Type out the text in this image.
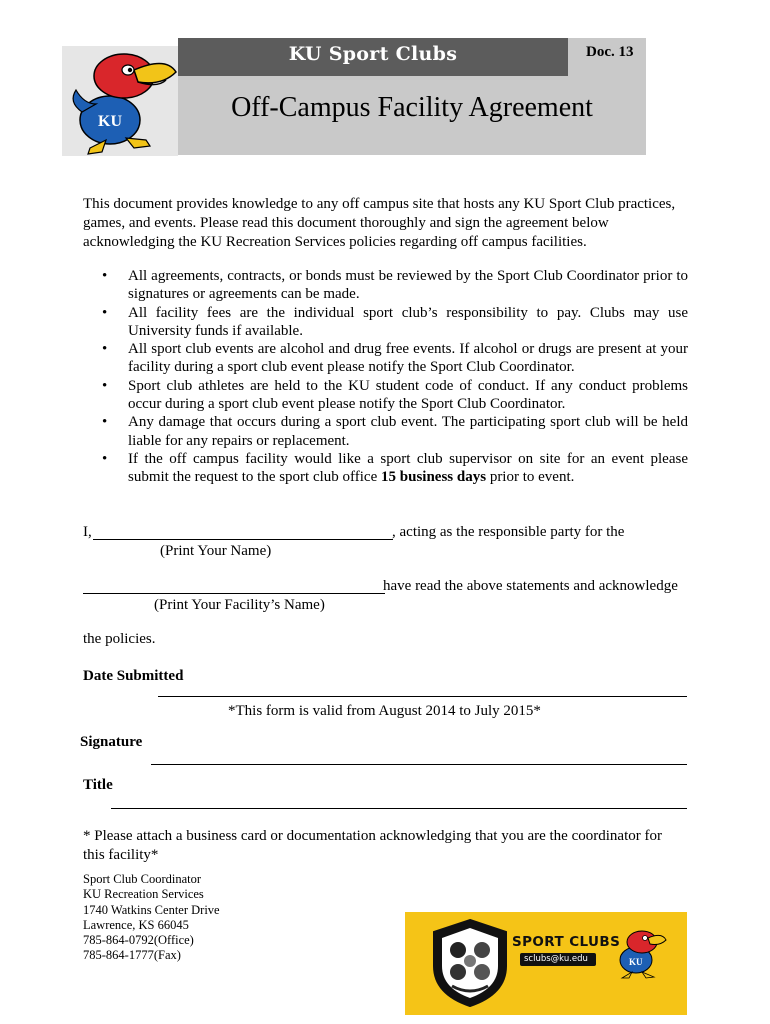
KU Sport Clubs	Doc. 13
Off-Campus Facility Agreement
KU
This document provides knowledge to any off campus site that hosts any KU Sport Club practices, games, and events. Please read this document thoroughly and sign the agreement below acknowledging the KU Recreation Services policies regarding off campus facilities.
• All agreements, contracts, or bonds must be reviewed by the Sport Club Coordinator prior to signatures or agreements can be made.
• All facility fees are the individual sport club’s responsibility to pay. Clubs may use University funds if available.
• All sport club events are alcohol and drug free events. If alcohol or drugs are present at your facility during a sport club event please notify the Sport Club Coordinator.
• Sport club athletes are held to the KU student code of conduct. If any conduct problems occur during a sport club event please notify the Sport Club Coordinator.
• Any damage that occurs during a sport club event. The participating sport club will be held liable for any repairs or replacement.
• If the off campus facility would like a sport club supervisor on site for an event please submit the request to the sport club office 15 business days prior to event.
I,	, acting as the responsible party for the
(Print Your Name)
have read the above statements and acknowledge
(Print Your Facility’s Name)
the policies.
Date Submitted
*This form is valid from August 2014 to July 2015*
Signature
Title
* Please attach a business card or documentation acknowledging that you are the coordinator for this facility*
Sport Club Coordinator
KU Recreation Services
1740 Watkins Center Drive
Lawrence, KS 66045
785-864-0792(Office)
785-864-1777(Fax)
SPORT CLUBS
sclubs@ku.edu	KU
